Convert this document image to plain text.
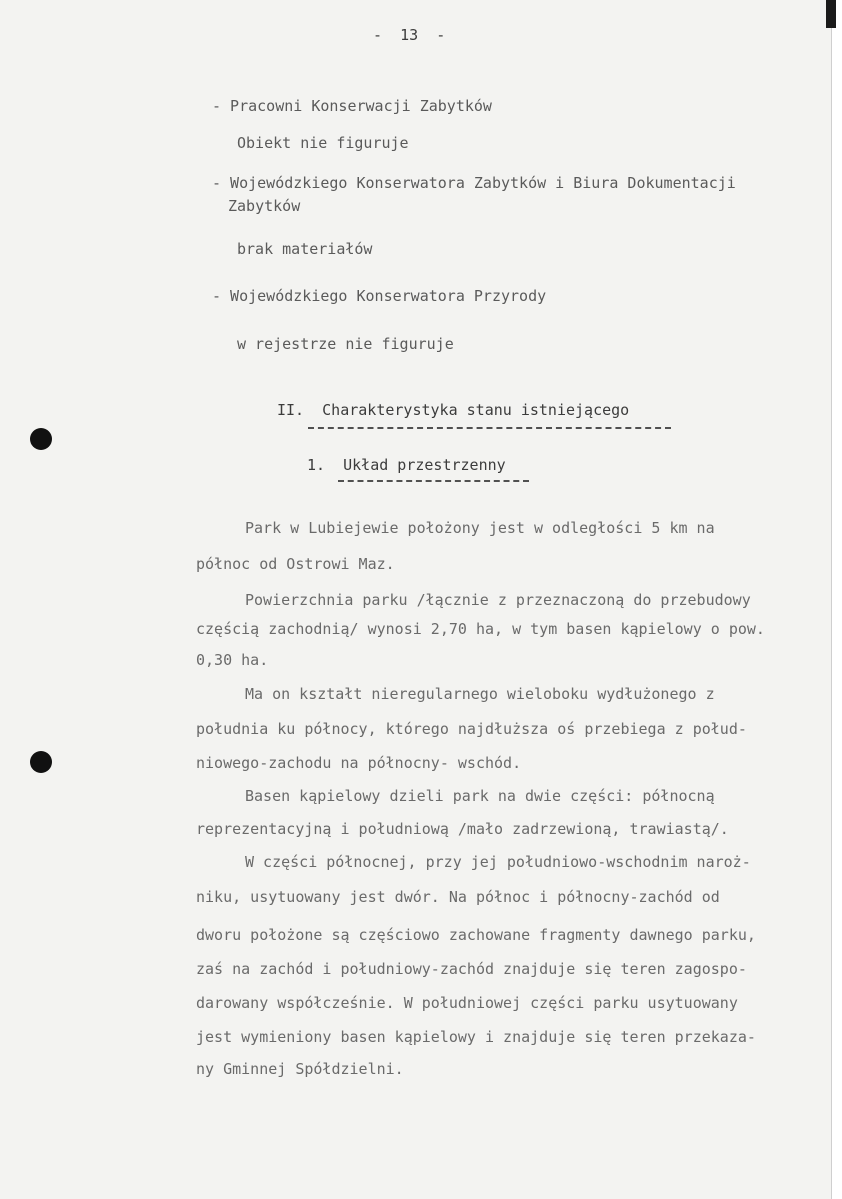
-  13  -
- Pracowni Konserwacji Zabytków
Obiekt nie figuruje
- Wojewódzkiego Konserwatora Zabytków i Biura Dokumentacji
Zabytków
brak materiałów
- Wojewódzkiego Konserwatora Przyrody
w rejestrze nie figuruje
II.  Charakterystyka stanu istniejącego
1.  Układ przestrzenny
Park w Lubiejewie położony jest w odległości 5 km na
północ od Ostrowi Maz.
Powierzchnia parku /łącznie z przeznaczoną do przebudowy
częścią zachodnią/ wynosi 2,70 ha, w tym basen kąpielowy o pow.
0,30 ha.
Ma on kształt nieregularnego wieloboku wydłużonego z
południa ku północy, którego najdłuższa oś przebiega z połud-
niowego-zachodu na północny- wschód.
Basen kąpielowy dzieli park na dwie części: północną
reprezentacyjną i południową /mało zadrzewioną, trawiastą/.
W części północnej, przy jej południowo-wschodnim naroż-
niku, usytuowany jest dwór. Na północ i północny-zachód od
dworu położone są częściowo zachowane fragmenty dawnego parku,
zaś na zachód i południowy-zachód znajduje się teren zagospo-
darowany współcześnie. W południowej części parku usytuowany
jest wymieniony basen kąpielowy i znajduje się teren przekaza-
ny Gminnej Spółdzielni.
